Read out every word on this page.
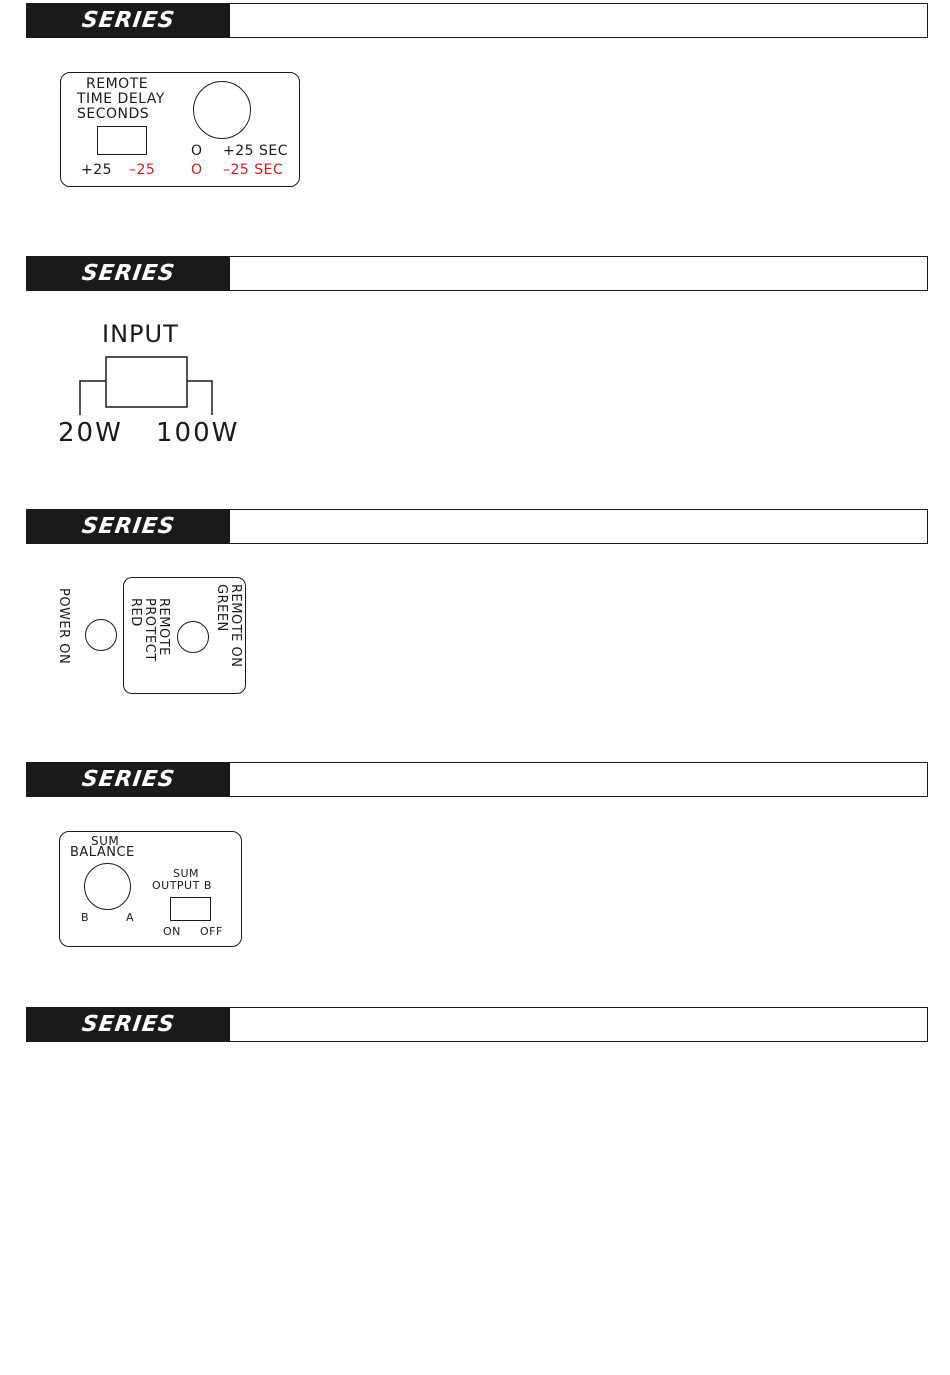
SERIES
SERIES
SERIES
SERIES
SERIES
REMOTE
TIME DELAY
SECONDS
+25 –25
O +25 SEC
O –25 SEC
INPUT
20W 100W
POWER ON	REMOTE
PROTECT
RED	REMOTE ON
GREEN
SUM
BALANCE
B	A
SUM
OUTPUT B
ON OFF
